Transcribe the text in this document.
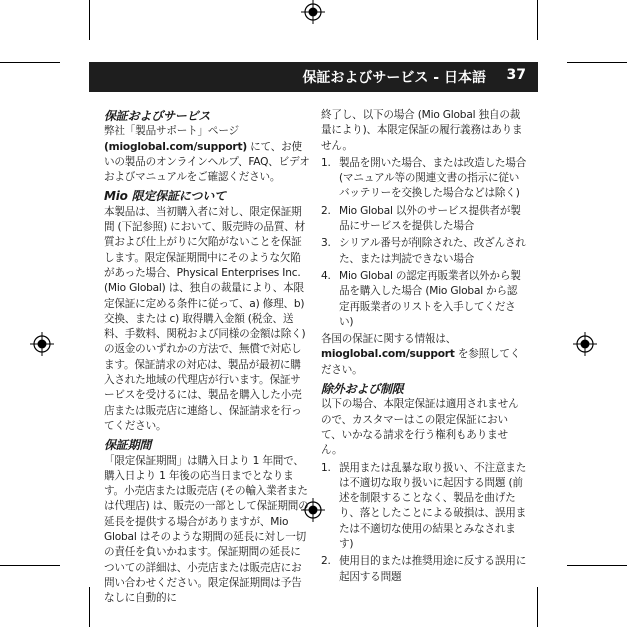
保証およびサービス - 日本語 37

保証およびサービス

弊社「製品サポート」ページ(mioglobal.com/support) にて、お使いの製品のオンラインヘルプ、FAQ、ビデオおよびマニュアルをご確認ください。

Mio 限定保証について

本製品は、当初購入者に対し、限定保証期間 (下記参照) において、販売時の品質、材質および仕上がりに欠陥がないことを保証します。限定保証期間中にそのような欠陥があった場合、Physical Enterprises Inc. (Mio Global) は、独自の裁量により、本限定保証に定める条件に従って、a) 修理、b) 交換、または c) 取得購入金額 (税金、送料、手数料、関税および同様の金額は除く) の返金のいずれかの方法で、無償で対応します。保証請求の対応は、製品が最初に購入された地域の代理店が行います。保証サービスを受けるには、製品を購入した小売店または販売店に連絡し、保証請求を行ってください。

保証期間

「限定保証期間」は購入日より 1 年間で、購入日より 1 年後の応当日までとなります。小売店または販売店 (その輸入業者または代理店) は、販売の一部として保証期間の延長を提供する場合がありますが、Mio Global はそのような期間の延長に対し一切の責任を負いかねます。保証期間の延長についての詳細は、小売店または販売店にお問い合わせください。限定保証期間は予告なしに自動的に

終了し、以下の場合 (Mio Global 独自の裁量により)、本限定保証の履行義務はありません。

1. 製品を開いた場合、または改造した場合 (マニュアル等の関連文書の指示に従いバッテリーを交換した場合などは除く)
2. Mio Global 以外のサービス提供者が製品にサービスを提供した場合
3. シリアル番号が削除された、改ざんされた、または判読できない場合
4. Mio Global の認定再販業者以外から製品を購入した場合 (Mio Global から認定再販業者のリストを入手してください)

各国の保証に関する情報は、mioglobal.com/support を参照してください。

除外および制限

以下の場合、本限定保証は適用されませんので、カスタマーはこの限定保証において、いかなる請求を行う権利もありません。

1. 誤用または乱暴な取り扱い、不注意または不適切な取り扱いに起因する問題 (前述を制限することなく、製品を曲げたり、落としたことによる破損は、誤用または不適切な使用の結果とみなされます)
2. 使用目的または推奨用途に反する誤用に起因する問題
